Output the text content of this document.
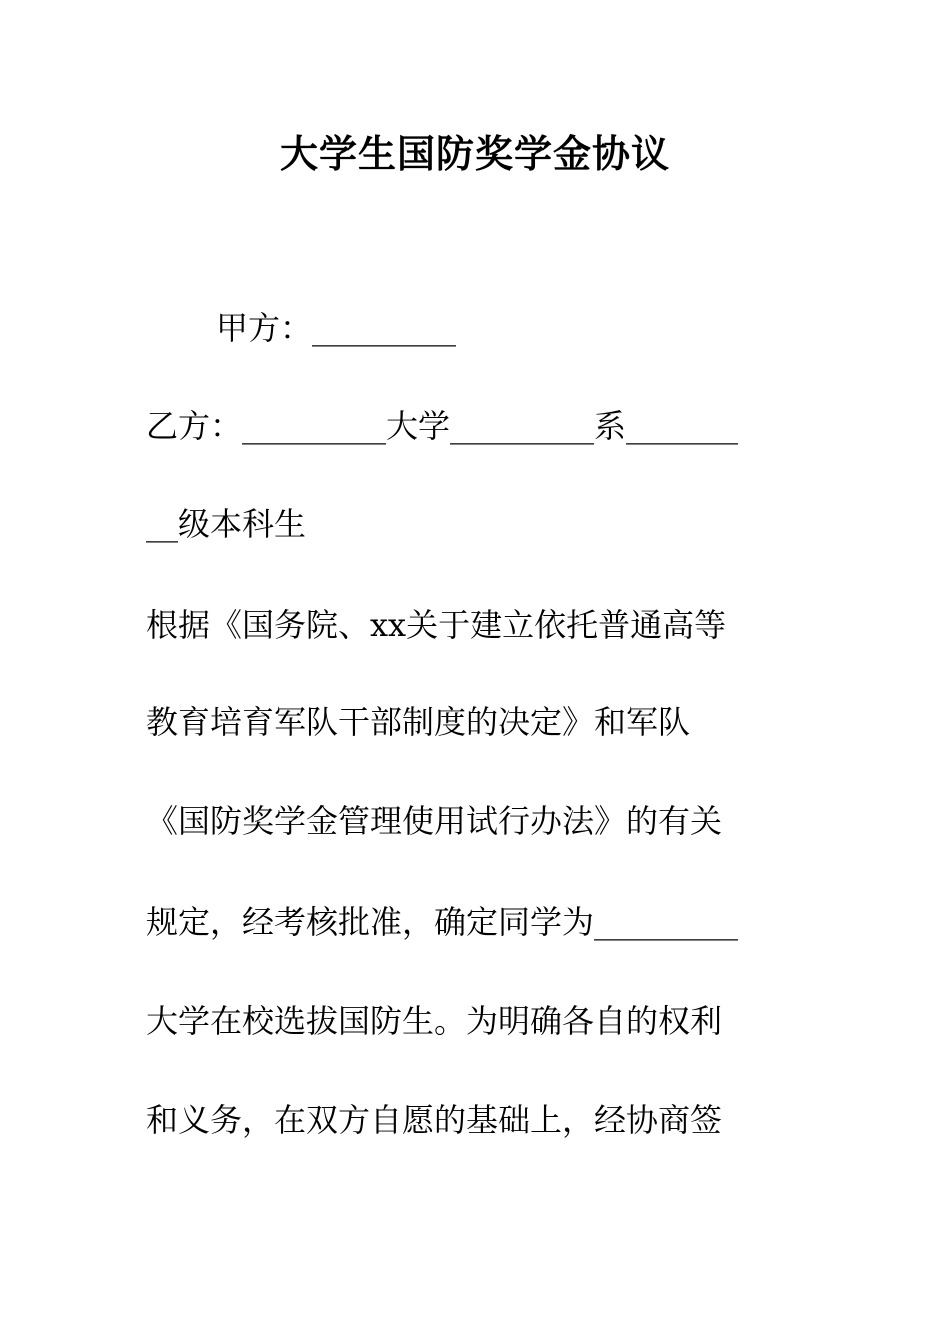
大学生国防奖学金协议
甲方：_________
乙方：_________大学_________系_______
__级本科生
根据《国务院、xx关于建立依托普通高等
教育培育军队干部制度的决定》和军队
《国防奖学金管理使用试行办法》的有关
规定，经考核批准，确定同学为_________
大学在校选拔国防生。为明确各自的权利
和义务，在双方自愿的基础上，经协商签
